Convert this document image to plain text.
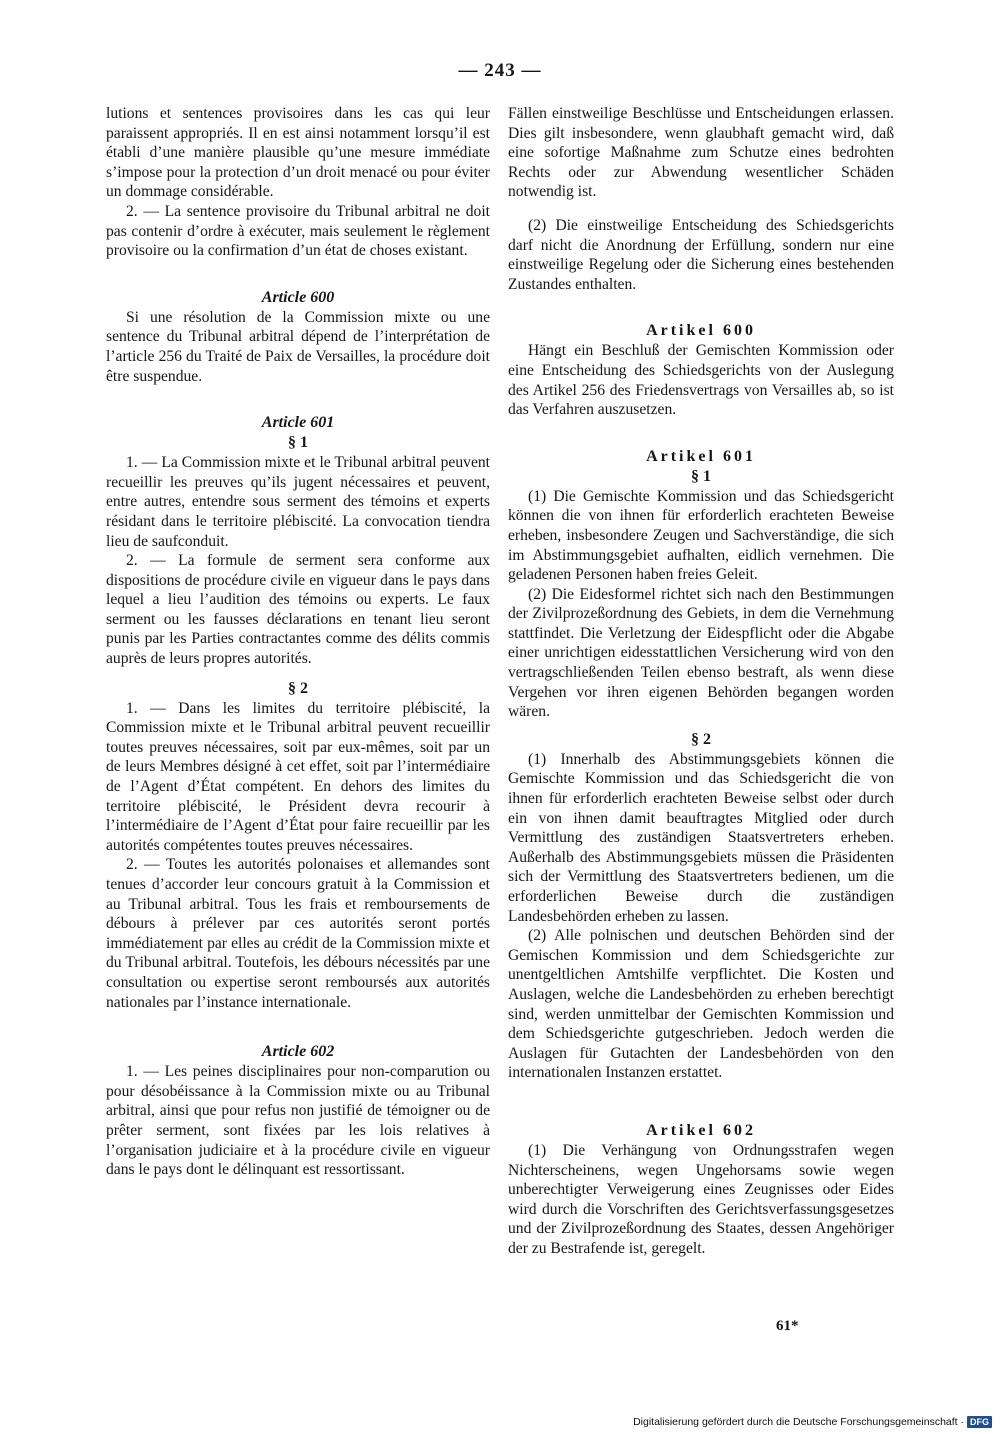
— 243 —

lutions et sentences provisoires dans les cas qui leur paraissent appropriés. Il en est ainsi notamment lorsqu’il est établi d’une manière plausible qu’une mesure immédiate s’impose pour la protection d’un droit menacé ou pour éviter un dommage considérable.

2. — La sentence provisoire du Tribunal arbitral ne doit pas contenir d’ordre à exécuter, mais seulement le règlement provisoire ou la confirmation d’un état de choses existant.

Article 600

Si une résolution de la Commission mixte ou une sentence du Tribunal arbitral dépend de l’interprétation de l’article 256 du Traité de Paix de Versailles, la procédure doit être suspendue.

Article 601
§ 1

1. — La Commission mixte et le Tribunal arbitral peuvent recueillir les preuves qu’ils jugent nécessaires et peuvent, entre autres, entendre sous serment des témoins et experts résidant dans le territoire plébiscité. La convocation tiendra lieu de saufconduit.

2. — La formule de serment sera conforme aux dispositions de procédure civile en vigueur dans le pays dans lequel a lieu l’audition des témoins ou experts. Le faux serment ou les fausses déclarations en tenant lieu seront punis par les Parties contractantes comme des délits commis auprès de leurs propres autorités.

§ 2

1. — Dans les limites du territoire plébiscité, la Commission mixte et le Tribunal arbitral peuvent recueillir toutes preuves nécessaires, soit par eux-mêmes, soit par un de leurs Membres désigné à cet effet, soit par l’intermédiaire de l’Agent d’État compétent. En dehors des limites du territoire plébiscité, le Président devra recourir à l’intermédiaire de l’Agent d’État pour faire recueillir par les autorités compétentes toutes preuves nécessaires.

2. — Toutes les autorités polonaises et allemandes sont tenues d’accorder leur concours gratuit à la Commission et au Tribunal arbitral. Tous les frais et remboursements de débours à prélever par ces autorités seront portés immédiatement par elles au crédit de la Commission mixte et du Tribunal arbitral. Toutefois, les débours nécessités par une consultation ou expertise seront remboursés aux autorités nationales par l’instance internationale.

Article 602

1. — Les peines disciplinaires pour non-comparution ou pour désobéissance à la Commission mixte ou au Tribunal arbitral, ainsi que pour refus non justifié de témoigner ou de prêter serment, sont fixées par les lois relatives à l’organisation judiciaire et à la procédure civile en vigueur dans le pays dont le délinquant est ressortissant.

Fällen einstweilige Beschlüsse und Entscheidungen erlassen. Dies gilt insbesondere, wenn glaubhaft gemacht wird, daß eine sofortige Maßnahme zum Schutze eines bedrohten Rechts oder zur Abwendung wesentlicher Schäden notwendig ist.

(2) Die einstweilige Entscheidung des Schiedsgerichts darf nicht die Anordnung der Erfüllung, sondern nur eine einstweilige Regelung oder die Sicherung eines bestehenden Zustandes enthalten.

Artikel 600

Hängt ein Beschluß der Gemischten Kommission oder eine Entscheidung des Schiedsgerichts von der Auslegung des Artikel 256 des Friedensvertrags von Versailles ab, so ist das Verfahren auszusetzen.

Artikel 601
§ 1

(1) Die Gemischte Kommission und das Schiedsgericht können die von ihnen für erforderlich erachteten Beweise erheben, insbesondere Zeugen und Sachverständige, die sich im Abstimmungsgebiet aufhalten, eidlich vernehmen. Die geladenen Personen haben freies Geleit.

(2) Die Eidesformel richtet sich nach den Bestimmungen der Zivilprozeßordnung des Gebiets, in dem die Vernehmung stattfindet. Die Verletzung der Eidespflicht oder die Abgabe einer unrichtigen eidesstattlichen Versicherung wird von den vertragschließenden Teilen ebenso bestraft, als wenn diese Vergehen vor ihren eigenen Behörden begangen worden wären.

§ 2

(1) Innerhalb des Abstimmungsgebiets können die Gemischte Kommission und das Schiedsgericht die von ihnen für erforderlich erachteten Beweise selbst oder durch ein von ihnen damit beauftragtes Mitglied oder durch Vermittlung des zuständigen Staatsvertreters erheben. Außerhalb des Abstimmungsgebiets müssen die Präsidenten sich der Vermittlung des Staatsvertreters bedienen, um die erforderlichen Beweise durch die zuständigen Landesbehörden erheben zu lassen.

(2) Alle polnischen und deutschen Behörden sind der Gemischen Kommission und dem Schiedsgerichte zur unentgeltlichen Amtshilfe verpflichtet. Die Kosten und Auslagen, welche die Landesbehörden zu erheben berechtigt sind, werden unmittelbar der Gemischten Kommission und dem Schiedsgerichte gutgeschrieben. Jedoch werden die Auslagen für Gutachten der Landesbehörden von den internationalen Instanzen erstattet.

Artikel 602

(1) Die Verhängung von Ordnungsstrafen wegen Nichterscheinens, wegen Ungehorsams sowie wegen unberechtigter Verweigerung eines Zeugnisses oder Eides wird durch die Vorschriften des Gerichtsverfassungsgesetzes und der Zivilprozeßordnung des Staates, dessen Angehöriger der zu Bestrafende ist, geregelt.

61*
Digitalisierung gefördert durch die Deutsche Forschungsgemeinschaft · DFG
